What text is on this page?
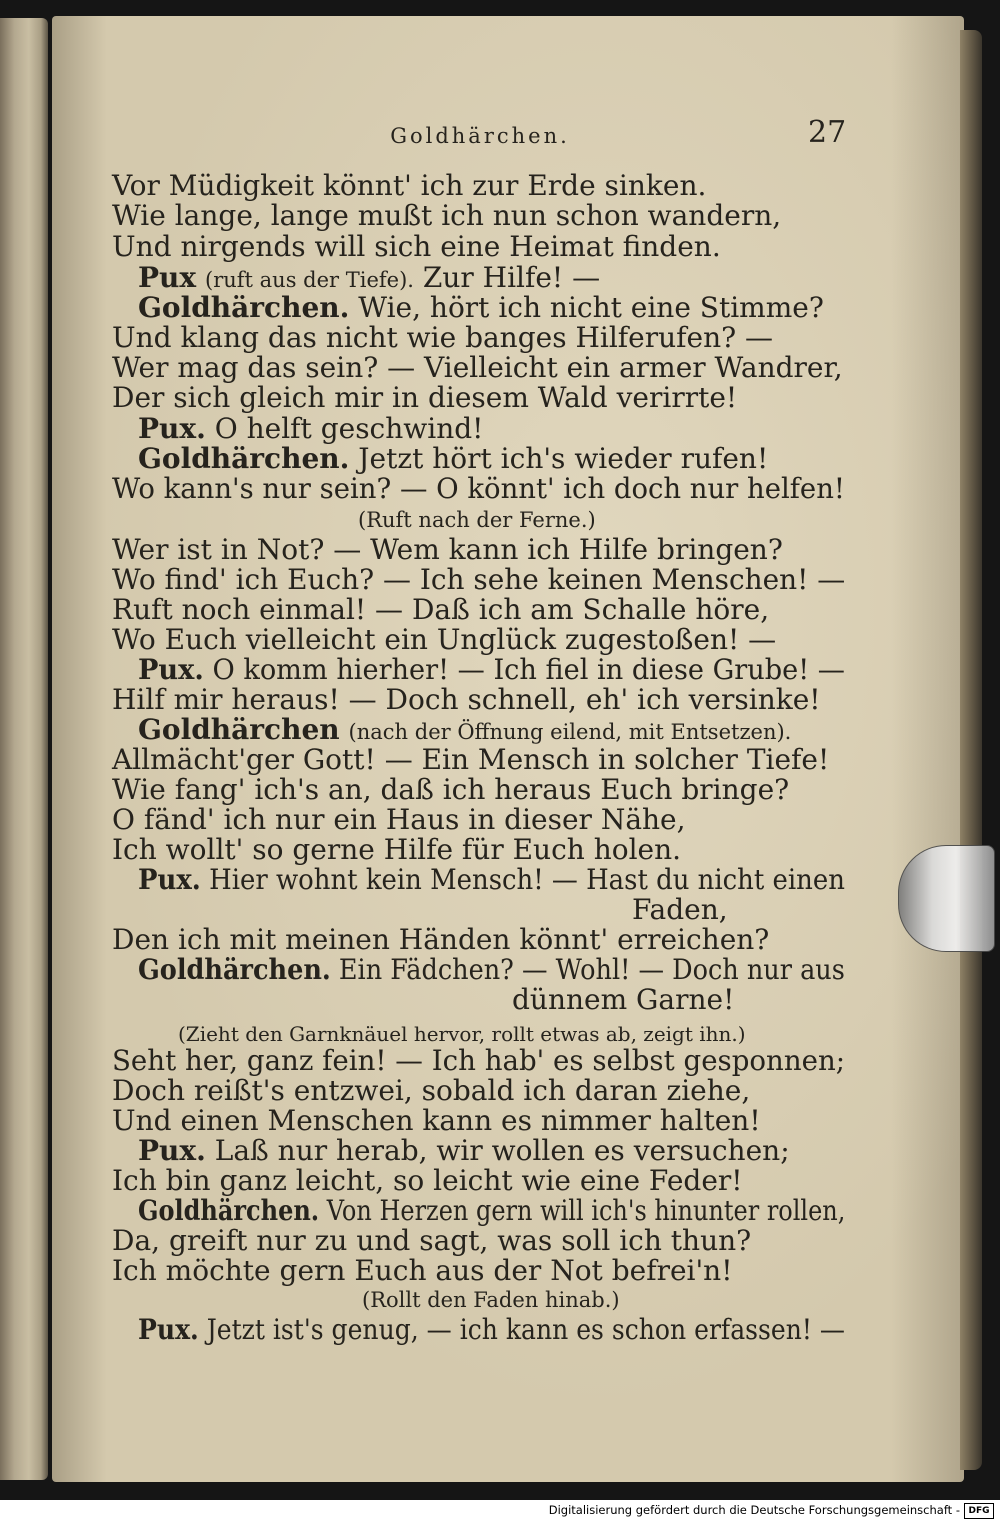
Goldhärchen.	27
Vor Müdigkeit könnt' ich zur Erde sinken.
Wie lange, lange mußt ich nun schon wandern,
Und nirgends will sich eine Heimat finden.
Pux (ruft aus der Tiefe). Zur Hilfe! —
Goldhärchen. Wie, hört ich nicht eine Stimme?
Und klang das nicht wie banges Hilferufen? —
Wer mag das sein? — Vielleicht ein armer Wandrer,
Der sich gleich mir in diesem Wald verirrte!
Pux. O helft geschwind!
Goldhärchen. Jetzt hört ich's wieder rufen!
Wo kann's nur sein? — O könnt' ich doch nur helfen!
(Ruft nach der Ferne.)
Wer ist in Not? — Wem kann ich Hilfe bringen?
Wo find' ich Euch? — Ich sehe keinen Menschen! —
Ruft noch einmal! — Daß ich am Schalle höre,
Wo Euch vielleicht ein Unglück zugestoßen! —
Pux. O komm hierher! — Ich fiel in diese Grube! —
Hilf mir heraus! — Doch schnell, eh' ich versinke!
Goldhärchen (nach der Öffnung eilend, mit Entsetzen).
Allmächt'ger Gott! — Ein Mensch in solcher Tiefe!
Wie fang' ich's an, daß ich heraus Euch bringe?
O fänd' ich nur ein Haus in dieser Nähe,
Ich wollt' so gerne Hilfe für Euch holen.
Pux. Hier wohnt kein Mensch! — Hast du nicht einen
Faden,
Den ich mit meinen Händen könnt' erreichen?
Goldhärchen. Ein Fädchen? — Wohl! — Doch nur aus
dünnem Garne!
(Zieht den Garnknäuel hervor, rollt etwas ab, zeigt ihn.)
Seht her, ganz fein! — Ich hab' es selbst gesponnen;
Doch reißt's entzwei, sobald ich daran ziehe,
Und einen Menschen kann es nimmer halten!
Pux. Laß nur herab, wir wollen es versuchen;
Ich bin ganz leicht, so leicht wie eine Feder!
Goldhärchen. Von Herzen gern will ich's hinunter rollen,
Da, greift nur zu und sagt, was soll ich thun?
Ich möchte gern Euch aus der Not befrei'n!
(Rollt den Faden hinab.)
Pux. Jetzt ist's genug, — ich kann es schon erfassen! —
Digitalisierung gefördert durch die Deutsche Forschungsgemeinschaft - DFG
